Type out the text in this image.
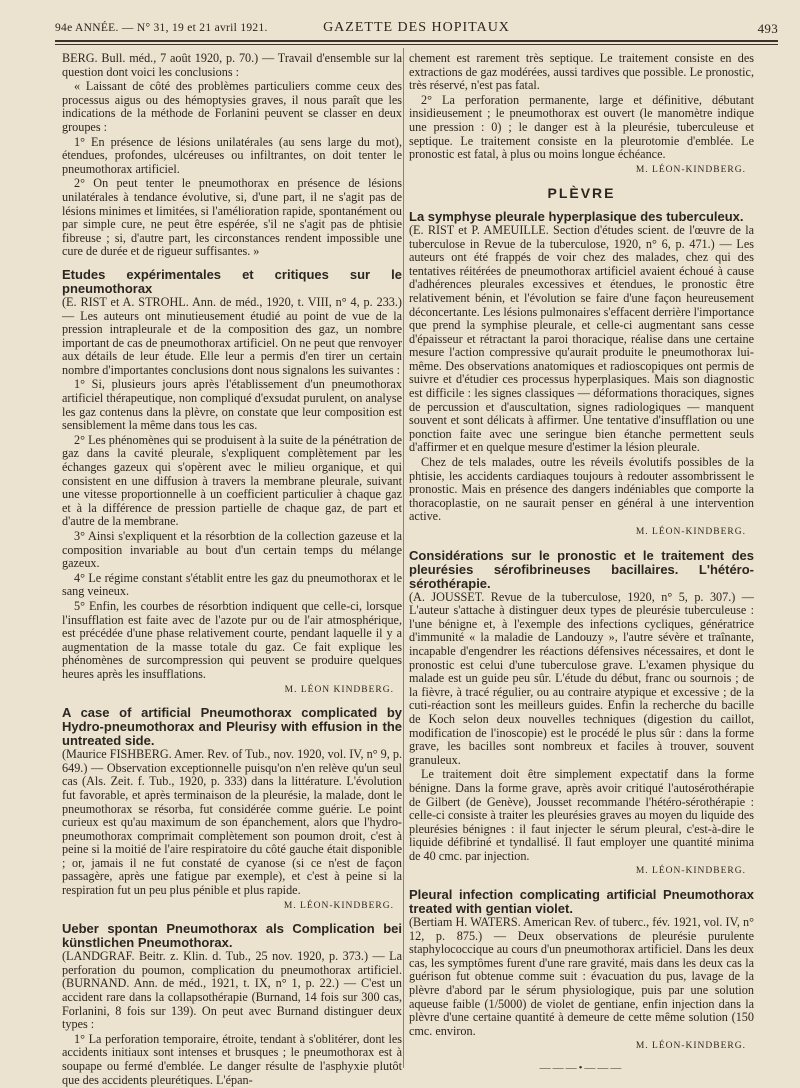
94e ANNÉE. — N° 31, 19 et 21 avril 1921.	GAZETTE DES HOPITAUX	493

BERG. Bull. méd., 7 août 1920, p. 70.) — Travail d'ensemble sur la question dont voici les conclusions :

« Laissant de côté des problèmes particuliers comme ceux des processus aigus ou des hémoptysies graves, il nous paraît que les indications de la méthode de Forlanini peuvent se classer en deux groupes :

1° En présence de lésions unilatérales (au sens large du mot), étendues, profondes, ulcéreuses ou infiltrantes, on doit tenter le pneumothorax artificiel.

2° On peut tenter le pneumothorax en présence de lésions unilatérales à tendance évolutive, si, d'une part, il ne s'agit pas de lésions minimes et limitées, si l'amélioration rapide, spontanément ou par simple cure, ne peut être espérée, s'il ne s'agit pas de phtisie fibreuse ; si, d'autre part, les circonstances rendent impossible une cure de durée et de rigueur suffisantes. »

Etudes expérimentales et critiques sur le pneumothorax

(E. RIST et A. STROHL. Ann. de méd., 1920, t. VIII, n° 4, p. 233.) — Les auteurs ont minutieusement étudié au point de vue de la pression intrapleurale et de la composition des gaz, un nombre important de cas de pneumothorax artificiel. On ne peut que renvoyer aux détails de leur étude. Elle leur a permis d'en tirer un certain nombre d'importantes conclusions dont nous signalons les suivantes :

1° Si, plusieurs jours après l'établissement d'un pneumothorax artificiel thérapeutique, non compliqué d'exsudat purulent, on analyse les gaz contenus dans la plèvre, on constate que leur composition est sensiblement la même dans tous les cas.

2° Les phénomènes qui se produisent à la suite de la pénétration de gaz dans la cavité pleurale, s'expliquent complètement par les échanges gazeux qui s'opèrent avec le milieu organique, et qui consistent en une diffusion à travers la membrane pleurale, suivant une vitesse proportionnelle à un coefficient particulier à chaque gaz et à la différence de pression partielle de chaque gaz, de part et d'autre de la membrane.

3° Ainsi s'expliquent et la résorbtion de la collection gazeuse et la composition invariable au bout d'un certain temps du mélange gazeux.

4° Le régime constant s'établit entre les gaz du pneumothorax et le sang veineux.

5° Enfin, les courbes de résorbtion indiquent que celle-ci, lorsque l'insufflation est faite avec de l'azote pur ou de l'air atmosphérique, est précédée d'une phase relativement courte, pendant laquelle il y a augmentation de la masse totale du gaz. Ce fait explique les phénomènes de surcompression qui peuvent se produire quelques heures après les insufflations.

M. LÉON KINDBERG.
A case of artificial Pneumothorax complicated by Hydro-pneumothorax and Pleurisy with effusion in the untreated side.

(Maurice FISHBERG. Amer. Rev. of Tub., nov. 1920, vol. IV, n° 9, p. 649.) — Observation exceptionnelle puisqu'on n'en relève qu'un seul cas (Als. Zeit. f. Tub., 1920, p. 333) dans la littérature. L'évolution fut favorable, et après terminaison de la pleurésie, la malade, dont le pneumothorax se résorba, fut considérée comme guérie. Le point curieux est qu'au maximum de son épanchement, alors que l'hydro-pneumothorax comprimait complètement son poumon droit, c'est à peine si la moitié de l'aire respiratoire du côté gauche était disponible ; or, jamais il ne fut constaté de cyanose (si ce n'est de façon passagère, après une fatigue par exemple), et c'est à peine si la respiration fut un peu plus pénible et plus rapide.

M. LÉON-KINDBERG.
Ueber spontan Pneumothorax als Complication bei künstlichen Pneumothorax.

(LANDGRAF. Beitr. z. Klin. d. Tub., 25 nov. 1920, p. 373.) — La perforation du poumon, complication du pneumothorax artificiel. (BURNAND. Ann. de méd., 1921, t. IX, n° 1, p. 22.) — C'est un accident rare dans la collapsothérapie (Burnand, 14 fois sur 300 cas, Forlanini, 8 fois sur 139). On peut avec Burnand distinguer deux types :

1° La perforation temporaire, étroite, tendant à s'oblitérer, dont les accidents initiaux sont intenses et brusques ; le pneumothorax est à soupape ou fermé d'emblée. Le danger résulte de l'asphyxie plutôt que des accidents pleurétiques. L'épan-

chement est rarement très septique. Le traitement consiste en des extractions de gaz modérées, aussi tardives que possible. Le pronostic, très réservé, n'est pas fatal.

2° La perforation permanente, large et définitive, débutant insidieusement ; le pneumothorax est ouvert (le manomètre indique une pression : 0) ; le danger est à la pleurésie, tuberculeuse et septique. Le traitement consiste en la pleurotomie d'emblée. Le pronostic est fatal, à plus ou moins longue échéance.

M. LÉON-KINDBERG.
PLÈVRE
La symphyse pleurale hyperplasique des tuberculeux.

(E. RIST et P. AMEUILLE. Section d'études scient. de l'œuvre de la tuberculose in Revue de la tuberculose, 1920, n° 6, p. 471.) — Les auteurs ont été frappés de voir chez des malades, chez qui des tentatives réitérées de pneumothorax artificiel avaient échoué à cause d'adhérences pleurales excessives et étendues, le pronostic être relativement bénin, et l'évolution se faire d'une façon heureusement déconcertante. Les lésions pulmonaires s'effacent derrière l'importance que prend la symphise pleurale, et celle-ci augmentant sans cesse d'épaisseur et rétractant la paroi thoracique, réalise dans une certaine mesure l'action compressive qu'aurait produite le pneumothorax lui-même. Des observations anatomiques et radioscopiques ont permis de suivre et d'étudier ces processus hyperplasiques. Mais son diagnostic est difficile : les signes classiques — déformations thoraciques, signes de percussion et d'auscultation, signes radiologiques — manquent souvent et sont délicats à affirmer. Une tentative d'insufflation ou une ponction faite avec une seringue bien étanche permettent seuls d'affirmer et en quelque mesure d'estimer la lésion pleurale.

Chez de tels malades, outre les réveils évolutifs possibles de la phtisie, les accidents cardiaques toujours à redouter assombrissent le pronostic. Mais en présence des dangers indéniables que comporte la thoracoplastie, on ne saurait penser en général à une intervention active.

M. LÉON-KINDBERG.
Considérations sur le pronostic et le traitement des pleurésies sérofibrineuses bacillaires. L'hétéro-sérothérapie.

(A. JOUSSET. Revue de la tuberculose, 1920, n° 5, p. 307.) — L'auteur s'attache à distinguer deux types de pleurésie tuberculeuse : l'une bénigne et, à l'exemple des infections cycliques, génératrice d'immunité « la maladie de Landouzy », l'autre sévère et traînante, incapable d'engendrer les réactions défensives nécessaires, et dont le pronostic est celui d'une tuberculose grave. L'examen physique du malade est un guide peu sûr. L'étude du début, franc ou sournois ; de la fièvre, à tracé régulier, ou au contraire atypique et excessive ; de la cuti-réaction sont les meilleurs guides. Enfin la recherche du bacille de Koch selon deux nouvelles techniques (digestion du caillot, modification de l'inoscopie) est le procédé le plus sûr : dans la forme grave, les bacilles sont nombreux et faciles à trouver, souvent granuleux.

Le traitement doit être simplement expectatif dans la forme bénigne. Dans la forme grave, après avoir critiqué l'autosérothérapie de Gilbert (de Genève), Jousset recommande l'hétéro-sérothérapie : celle-ci consiste à traiter les pleurésies graves au moyen du liquide des pleurésies bénignes : il faut injecter le sérum pleural, c'est-à-dire le liquide défibriné et tyndallisé. Il faut employer une quantité minima de 40 cmc. par injection.

M. LÉON-KINDBERG.
Pleural infection complicating artificial Pneumothorax treated with gentian violet.

(Bertiam H. WATERS. American Rev. of tuberc., fév. 1921, vol. IV, n° 12, p. 875.) — Deux observations de pleurésie purulente staphylococcique au cours d'un pneumothorax artificiel. Dans les deux cas, les symptômes furent d'une rare gravité, mais dans les deux cas la guérison fut obtenue comme suit : évacuation du pus, lavage de la plèvre d'abord par le sérum physiologique, puis par une solution aqueuse faible (1/5000) de violet de gentiane, enfin injection dans la plèvre d'une certaine quantité à demeure de cette même solution (150 cmc. environ.

M. LÉON-KINDBERG.
———•———
